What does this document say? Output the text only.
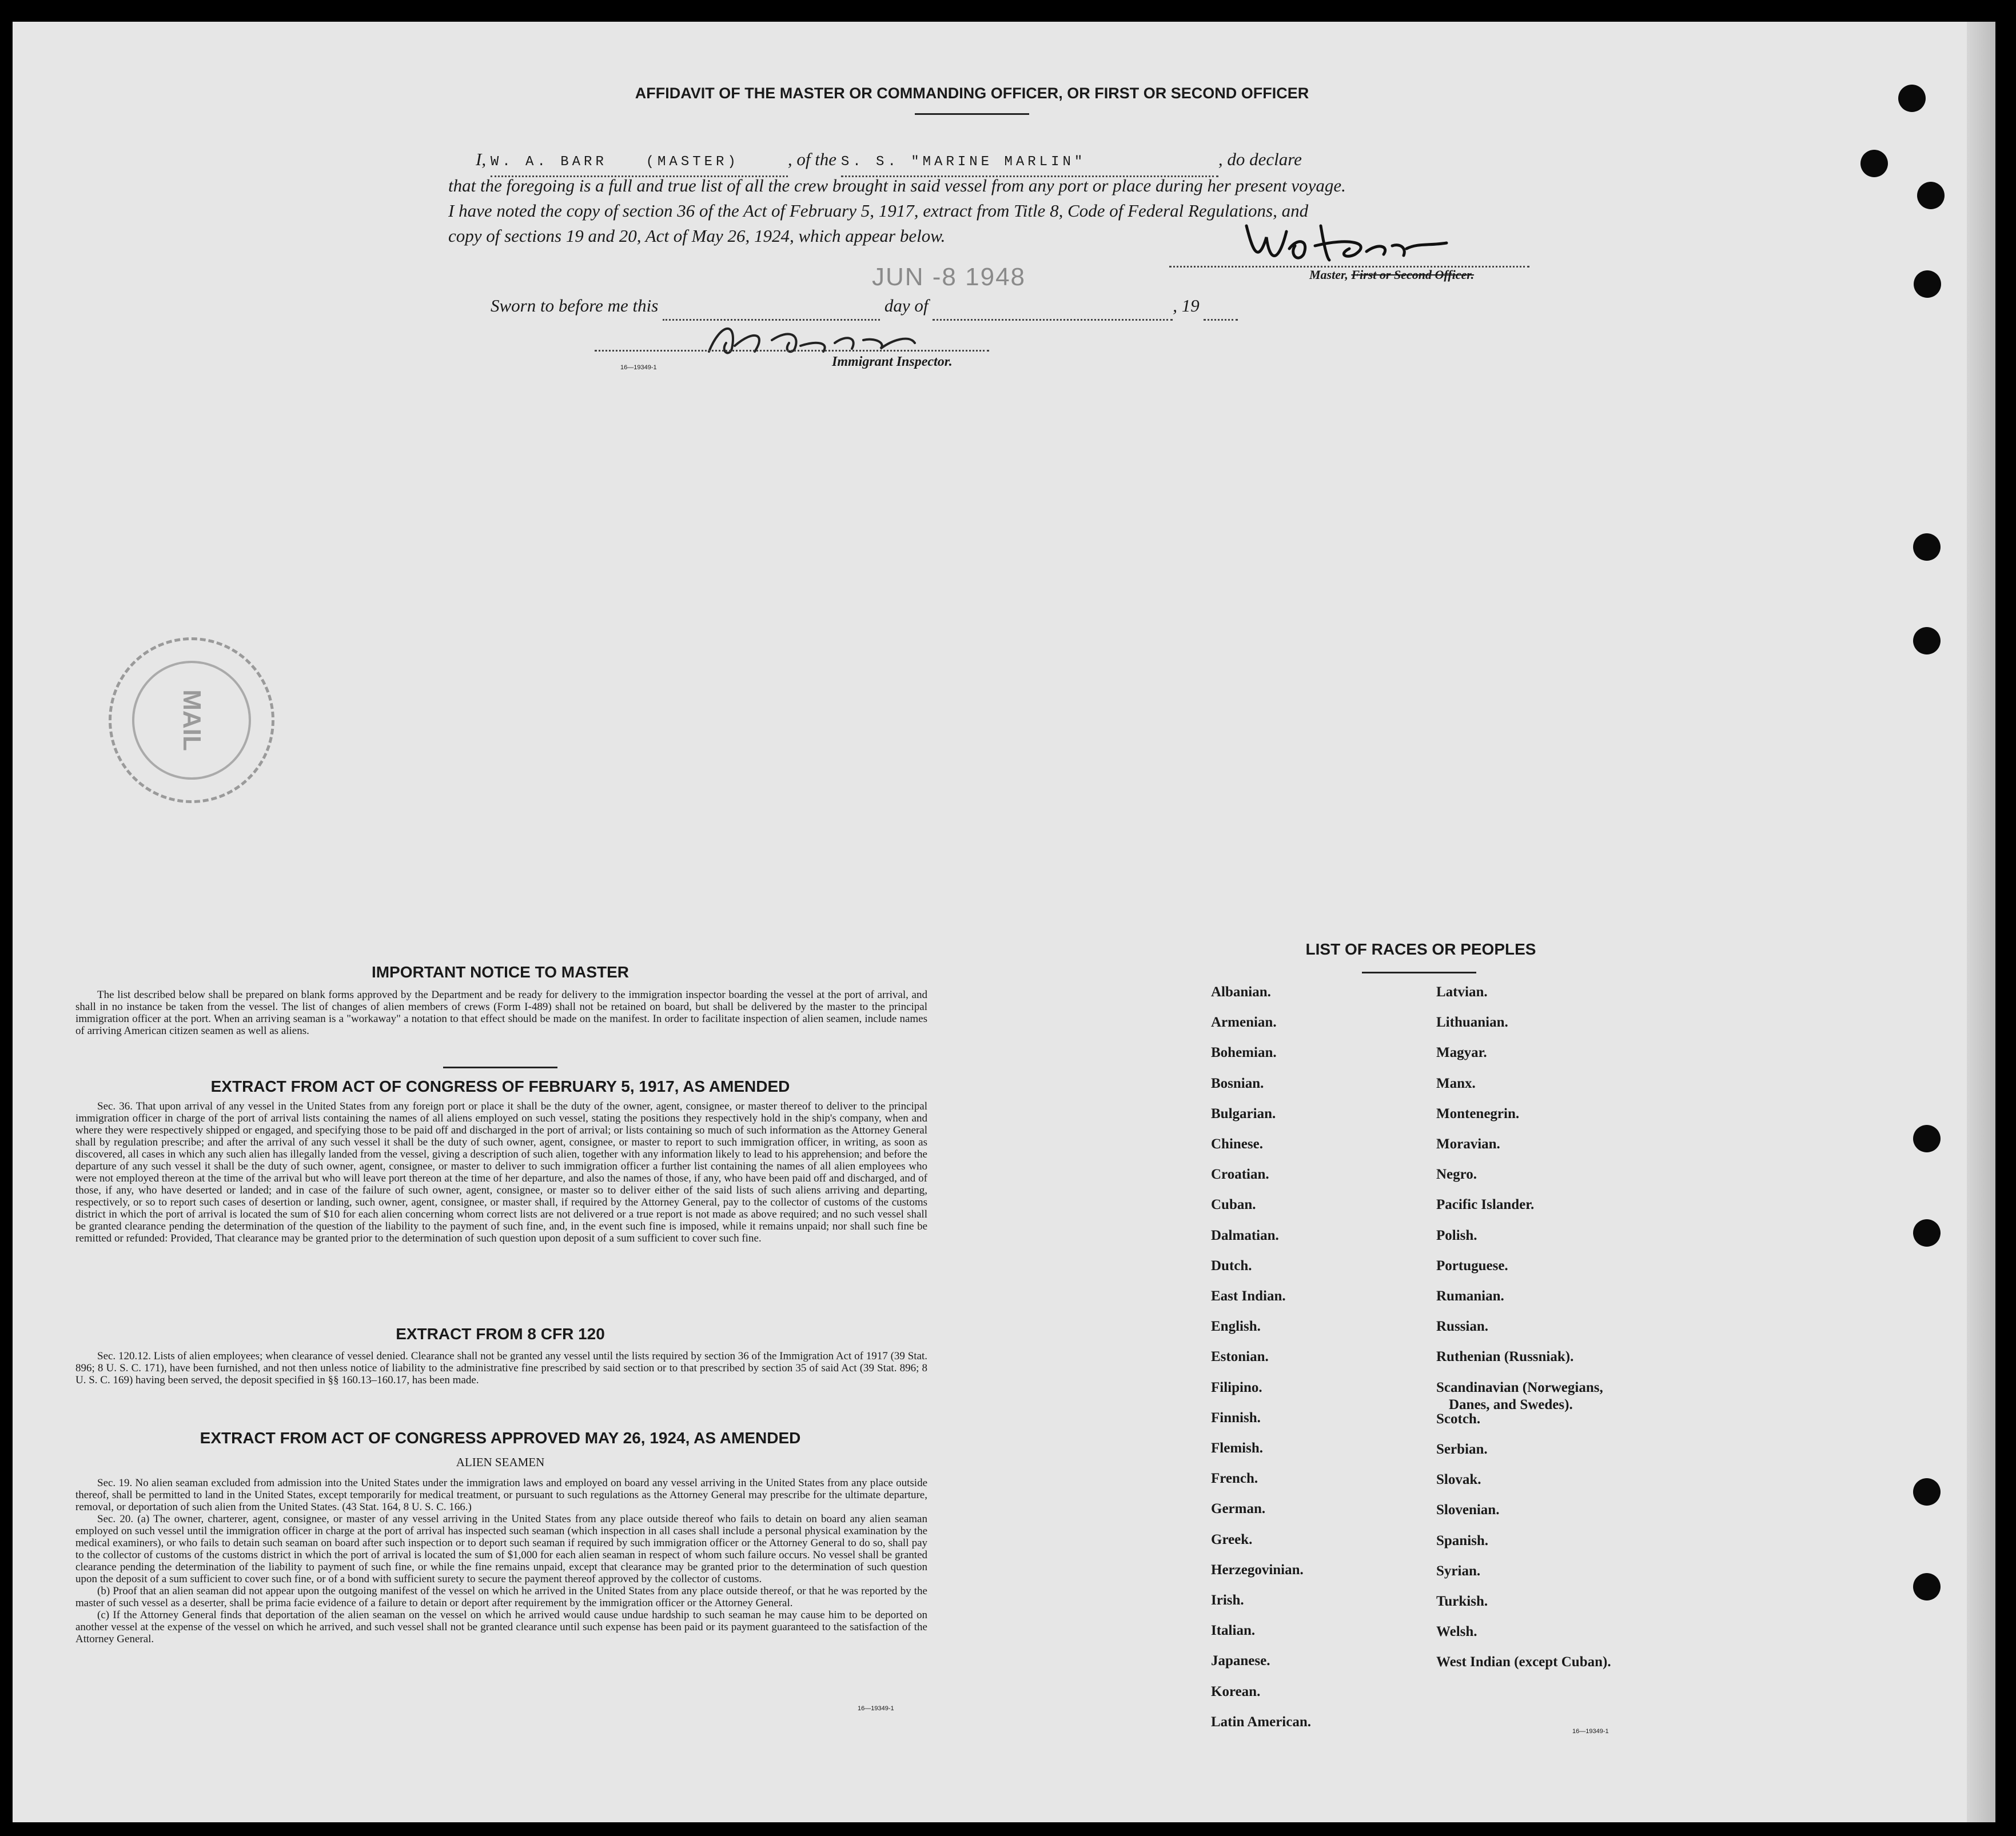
AFFIDAVIT OF THE MASTER OR COMMANDING OFFICER, OR FIRST OR SECOND OFFICER
I, W. A. BARR	(MASTER)	, of the S. S. "MARINE MARLIN"	, do declare
that the foregoing is a full and true list of all the crew brought in said vessel from any port or place during her present voyage.
I have noted the copy of section 36 of the Act of February 5, 1917, extract from Title 8, Code of Federal Regulations, and
copy of sections 19 and 20, Act of May 26, 1924, which appear below.
Master, First or Second Officer.
JUN -8 1948
Sworn to before me this	day of	, 19
16—19349-1	Immigrant Inspector.
MAIL
IMPORTANT NOTICE TO MASTER

The list described below shall be prepared on blank forms approved by the Department and be ready for delivery to the immigration inspector boarding the vessel at the port of arrival, and shall in no instance be taken from the vessel. The list of changes of alien members of crews (Form I-489) shall not be retained on board, but shall be delivered by the master to the principal immigration officer at the port. When an arriving seaman is a "workaway" a notation to that effect should be made on the manifest. In order to facilitate inspection of alien seamen, include names of arriving American citizen seamen as well as aliens.

EXTRACT FROM ACT OF CONGRESS OF FEBRUARY 5, 1917, AS AMENDED

Sec. 36. That upon arrival of any vessel in the United States from any foreign port or place it shall be the duty of the owner, agent, consignee, or master thereof to deliver to the principal immigration officer in charge of the port of arrival lists containing the names of all aliens employed on such vessel, stating the positions they respectively hold in the ship's company, when and where they were respectively shipped or engaged, and specifying those to be paid off and discharged in the port of arrival; or lists containing so much of such information as the Attorney General shall by regulation prescribe; and after the arrival of any such vessel it shall be the duty of such owner, agent, consignee, or master to report to such immigration officer, in writing, as soon as discovered, all cases in which any such alien has illegally landed from the vessel, giving a description of such alien, together with any information likely to lead to his apprehension; and before the departure of any such vessel it shall be the duty of such owner, agent, consignee, or master to deliver to such immigration officer a further list containing the names of all alien employees who were not employed thereon at the time of the arrival but who will leave port thereon at the time of her departure, and also the names of those, if any, who have been paid off and discharged, and of those, if any, who have deserted or landed; and in case of the failure of such owner, agent, consignee, or master so to deliver either of the said lists of such aliens arriving and departing, respectively, or so to report such cases of desertion or landing, such owner, agent, consignee, or master shall, if required by the Attorney General, pay to the collector of customs of the customs district in which the port of arrival is located the sum of $10 for each alien concerning whom correct lists are not delivered or a true report is not made as above required; and no such vessel shall be granted clearance pending the determination of the question of the liability to the payment of such fine, and, in the event such fine is imposed, while it remains unpaid; nor shall such fine be remitted or refunded: Provided, That clearance may be granted prior to the determination of such question upon deposit of a sum sufficient to cover such fine.

EXTRACT FROM 8 CFR 120

Sec. 120.12. Lists of alien employees; when clearance of vessel denied. Clearance shall not be granted any vessel until the lists required by section 36 of the Immigration Act of 1917 (39 Stat. 896; 8 U. S. C. 171), have been furnished, and not then unless notice of liability to the administrative fine prescribed by said section or to that prescribed by section 35 of said Act (39 Stat. 896; 8 U. S. C. 169) having been served, the deposit specified in §§ 160.13–160.17, has been made.

EXTRACT FROM ACT OF CONGRESS APPROVED MAY 26, 1924, AS AMENDED
ALIEN SEAMEN

Sec. 19. No alien seaman excluded from admission into the United States under the immigration laws and employed on board any vessel arriving in the United States from any place outside thereof, shall be permitted to land in the United States, except temporarily for medical treatment, or pursuant to such regulations as the Attorney General may prescribe for the ultimate departure, removal, or deportation of such alien from the United States. (43 Stat. 164, 8 U. S. C. 166.)

Sec. 20. (a) The owner, charterer, agent, consignee, or master of any vessel arriving in the United States from any place outside thereof who fails to detain on board any alien seaman employed on such vessel until the immigration officer in charge at the port of arrival has inspected such seaman (which inspection in all cases shall include a personal physical examination by the medical examiners), or who fails to detain such seaman on board after such inspection or to deport such seaman if required by such immigration officer or the Attorney General to do so, shall pay to the collector of customs of the customs district in which the port of arrival is located the sum of $1,000 for each alien seaman in respect of whom such failure occurs. No vessel shall be granted clearance pending the determination of the liability to payment of such fine, or while the fine remains unpaid, except that clearance may be granted prior to the determination of such question upon the deposit of a sum sufficient to cover such fine, or of a bond with sufficient surety to secure the payment thereof approved by the collector of customs.

(b) Proof that an alien seaman did not appear upon the outgoing manifest of the vessel on which he arrived in the United States from any place outside thereof, or that he was reported by the master of such vessel as a deserter, shall be prima facie evidence of a failure to detain or deport after requirement by the immigration officer or the Attorney General.

(c) If the Attorney General finds that deportation of the alien seaman on the vessel on which he arrived would cause undue hardship to such seaman he may cause him to be deported on another vessel at the expense of the vessel on which he arrived, and such vessel shall not be granted clearance until such expense has been paid or its payment guaranteed to the satisfaction of the Attorney General.

16—19349-1
LIST OF RACES OR PEOPLES
Albanian.
Armenian.
Bohemian.
Bosnian.
Bulgarian.
Chinese.
Croatian.
Cuban.
Dalmatian.
Dutch.
East Indian.
English.
Estonian.
Filipino.
Finnish.
Flemish.
French.
German.
Greek.
Herzegovinian.
Irish.
Italian.
Japanese.
Korean.
Latin American.
Latvian.
Lithuanian.
Magyar.
Manx.
Montenegrin.
Moravian.
Negro.
Pacific Islander.
Polish.
Portuguese.
Rumanian.
Russian.
Ruthenian (Russniak).
Scandinavian (Norwegians,
Danes, and Swedes).
Scotch.
Serbian.
Slovak.
Slovenian.
Spanish.
Syrian.
Turkish.
Welsh.
West Indian (except Cuban).
16—19349-1
